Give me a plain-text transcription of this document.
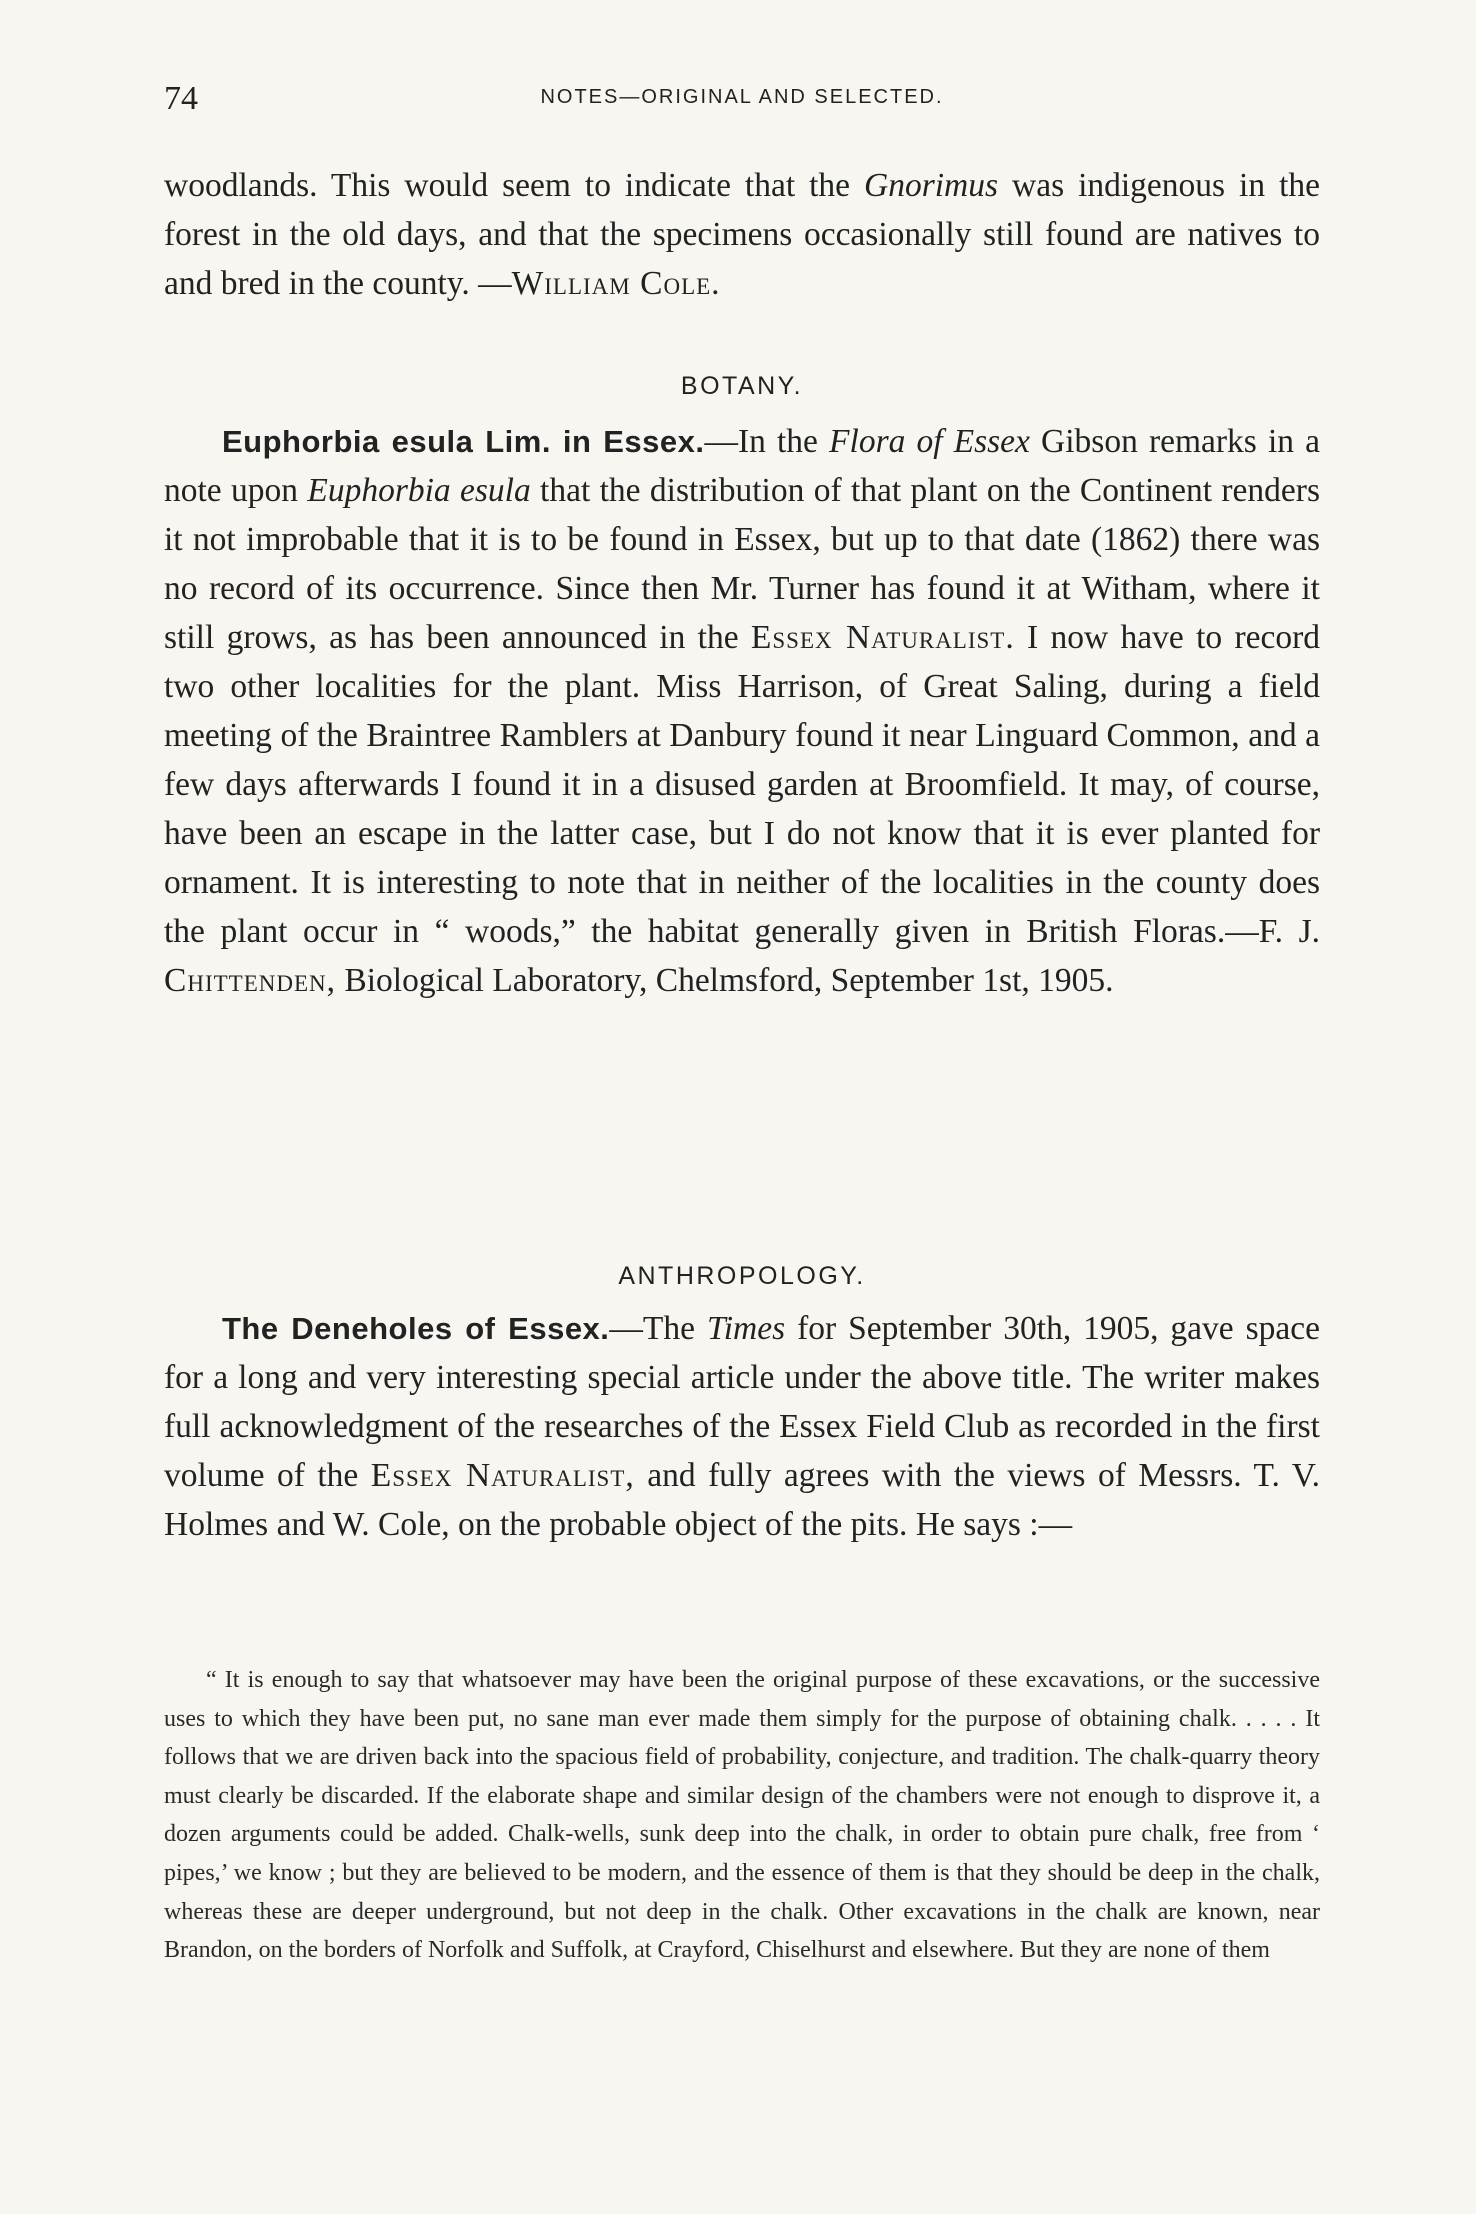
74	NOTES—ORIGINAL AND SELECTED.

woodlands. This would seem to indicate that the Gnorimus was indigenous in the forest in the old days, and that the specimens occasionally still found are natives to and bred in the county. —William Cole.

BOTANY.

Euphorbia esula Lim. in Essex.—In the Flora of Essex Gibson remarks in a note upon Euphorbia esula that the distribution of that plant on the Continent renders it not improbable that it is to be found in Essex, but up to that date (1862) there was no record of its occurrence. Since then Mr. Turner has found it at Witham, where it still grows, as has been announced in the Essex Naturalist. I now have to record two other localities for the plant. Miss Harrison, of Great Saling, during a field meeting of the Braintree Ramblers at Danbury found it near Linguard Common, and a few days afterwards I found it in a disused garden at Broomfield. It may, of course, have been an escape in the latter case, but I do not know that it is ever planted for ornament. It is interesting to note that in neither of the localities in the county does the plant occur in “ woods,” the habitat generally given in British Floras.—F. J. Chittenden, Biological Laboratory, Chelmsford, September 1st, 1905.

ANTHROPOLOGY.

The Deneholes of Essex.—The Times for September 30th, 1905, gave space for a long and very interesting special article under the above title. The writer makes full acknowledgment of the researches of the Essex Field Club as recorded in the first volume of the Essex Naturalist, and fully agrees with the views of Messrs. T. V. Holmes and W. Cole, on the probable object of the pits. He says :—

“ It is enough to say that whatsoever may have been the original purpose of these excavations, or the successive uses to which they have been put, no sane man ever made them simply for the purpose of obtaining chalk. . . . . It follows that we are driven back into the spacious field of probability, conjecture, and tradition. The chalk-quarry theory must clearly be discarded. If the elaborate shape and similar design of the chambers were not enough to disprove it, a dozen arguments could be added. Chalk-wells, sunk deep into the chalk, in order to obtain pure chalk, free from ‘ pipes,’ we know ; but they are believed to be modern, and the essence of them is that they should be deep in the chalk, whereas these are deeper underground, but not deep in the chalk. Other excavations in the chalk are known, near Brandon, on the borders of Norfolk and Suffolk, at Crayford, Chiselhurst and elsewhere. But they are none of them
